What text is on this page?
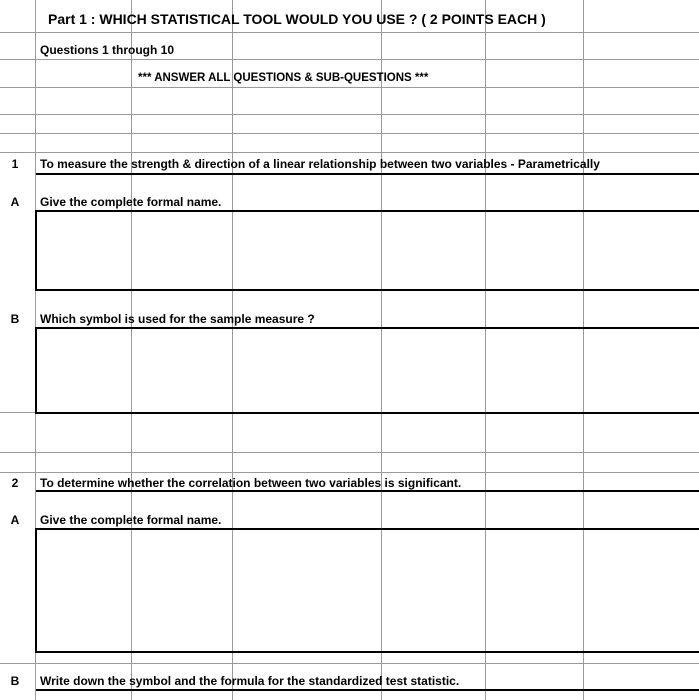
Part 1 : WHICH STATISTICAL TOOL WOULD YOU USE ? ( 2 POINTS EACH )
Questions 1 through 10
*** ANSWER ALL QUESTIONS & SUB-QUESTIONS ***
1	To measure the strength & direction of a linear relationship between two variables - Parametrically
A	Give the complete formal name.
B	Which symbol is used for the sample measure ?
2	To determine whether the correlation between two variables is significant.
A	Give the complete formal name.
B	Write down the symbol and the formula for the standardized test statistic.
